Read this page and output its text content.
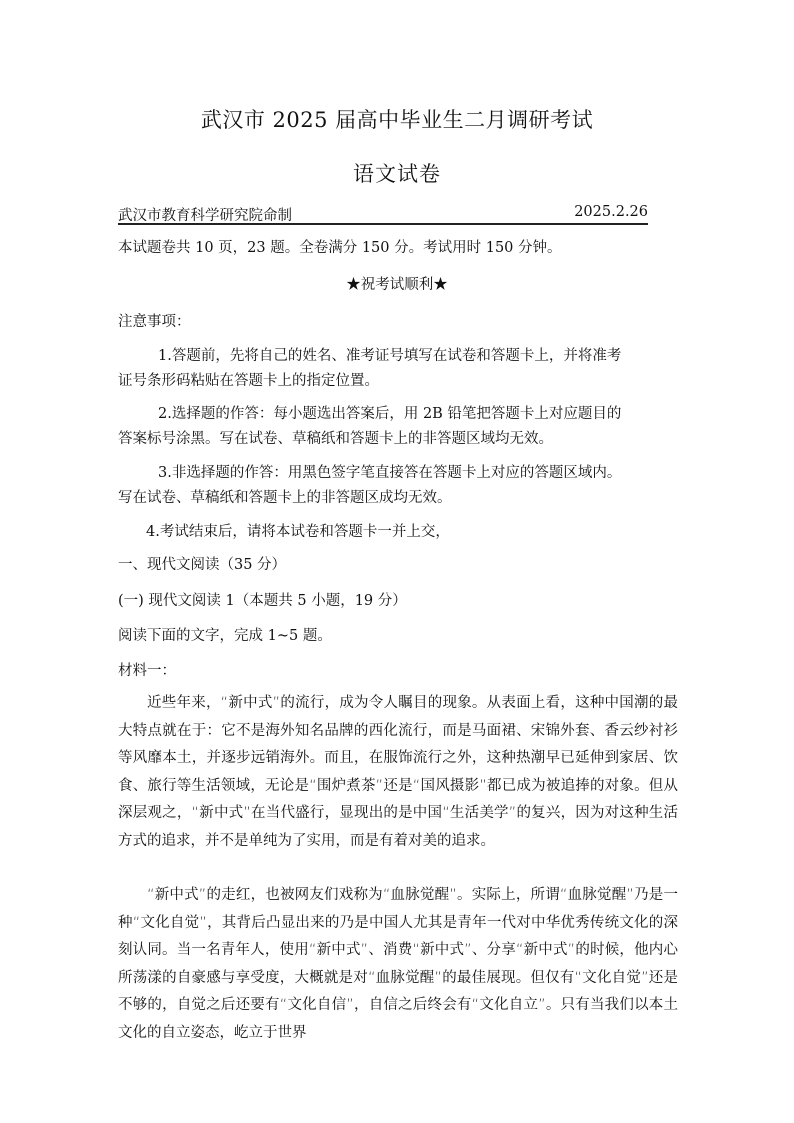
武汉市 2025 届高中毕业生二月调研考试
语文试卷
武汉市教育科学研究院命制	2025.2.26
本试题卷共 10 页，23 题。全卷满分 150 分。考试用时 150 分钟。
★祝考试顺利★
注意事项：
1.答题前，先将自己的姓名、准考证号填写在试卷和答题卡上，并将准考
证号条形码粘贴在答题卡上的指定位置。
2.选择题的作答：每小题选出答案后，用 2B 铅笔把答题卡上对应题目的
答案标号涂黑。写在试卷、草稿纸和答题卡上的非答题区域均无效。
3.非选择题的作答：用黑色签字笔直接答在答题卡上对应的答题区域内。
写在试卷、草稿纸和答题卡上的非答题区成均无效。
4.考试结束后，请将本试卷和答题卡一并上交，
一、现代文阅读（35 分）
(一) 现代文阅读 1（本题共 5 小题，19 分）
阅读下面的文字，完成 1~5 题。
材料一：
近些年来，“新中式”的流行，成为令人瞩目的现象。从表面上看，这种中国潮的最大特点就在于：它不是海外知名品牌的西化流行，而是马面裙、宋锦外套、香云纱衬衫等风靡本土，并逐步远销海外。而且，在服饰流行之外，这种热潮早已延伸到家居、饮食、旅行等生活领域，无论是“围炉煮茶”还是“国风摄影”都已成为被追捧的对象。但从深层观之，“新中式”在当代盛行，显现出的是中国“生活美学”的复兴，因为对这种生活方式的追求，并不是单纯为了实用，而是有着对美的追求。
“新中式”的走红，也被网友们戏称为“血脉觉醒”。实际上，所谓“血脉觉醒”乃是一种“文化自觉”，其背后凸显出来的乃是中国人尤其是青年一代对中华优秀传统文化的深刻认同。当一名青年人，使用“新中式”、消费“新中式”、分享“新中式”的时候，他内心所荡漾的自豪感与享受度，大概就是对“血脉觉醒”的最佳展现。但仅有“文化自觉”还是不够的，自觉之后还要有“文化自信”，自信之后终会有“文化自立”。只有当我们以本土文化的自立姿态，屹立于世界
